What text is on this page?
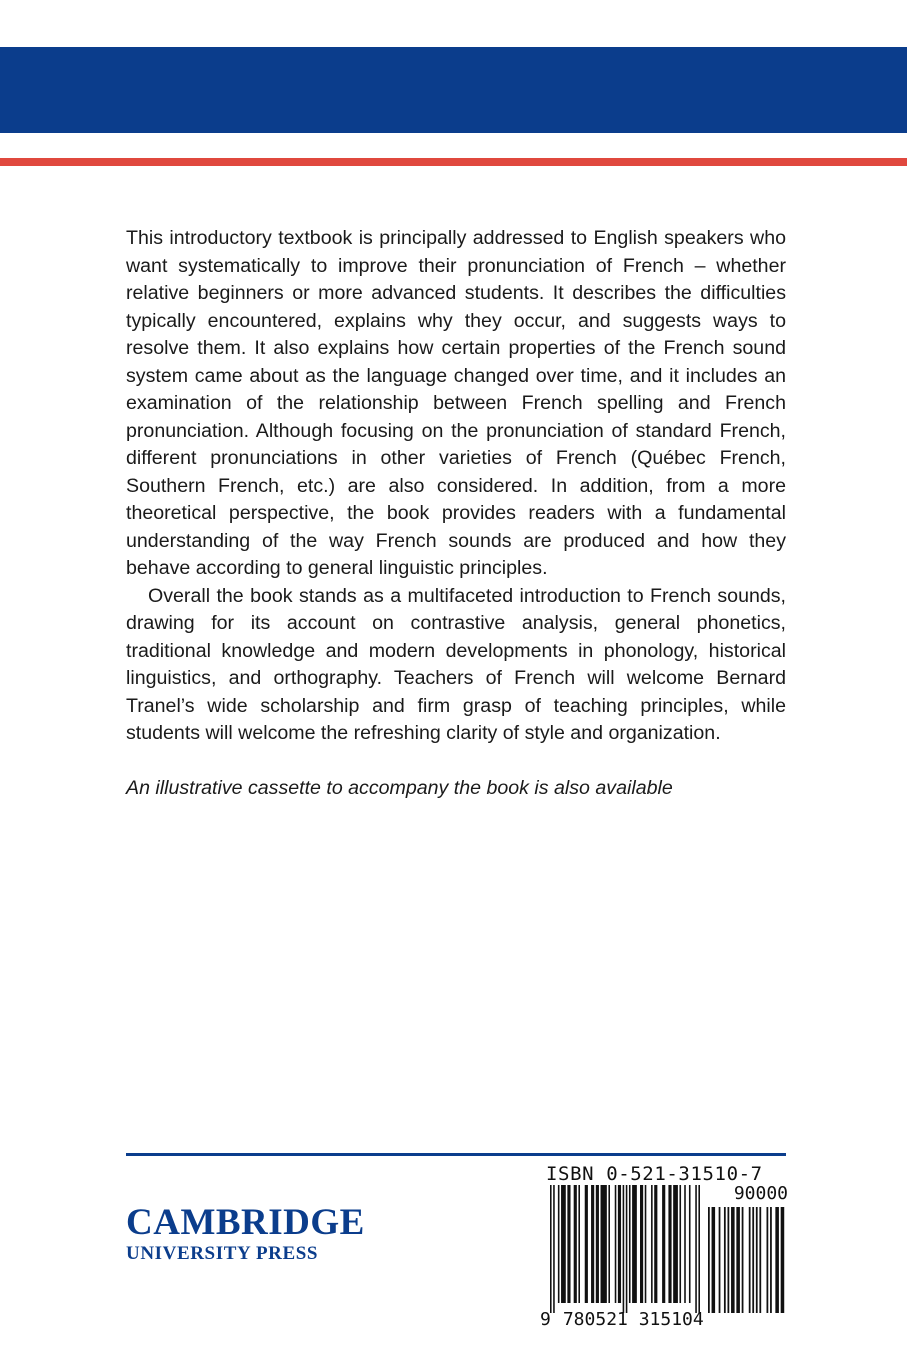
This introductory textbook is principally addressed to English speakers who want systematically to improve their pronunciation of French – whether relative beginners or more advanced students. It describes the difficulties typically encountered, explains why they occur, and suggests ways to resolve them. It also explains how certain properties of the French sound system came about as the language changed over time, and it includes an examination of the relationship between French spelling and French pronunciation. Although focusing on the pronunciation of standard French, different pronunciations in other varieties of French (Québec French, Southern French, etc.) are also considered. In addition, from a more theoretical perspective, the book provides readers with a fundamental understanding of the way French sounds are produced and how they behave according to general linguistic principles.

Overall the book stands as a multifaceted introduction to French sounds, drawing for its account on contrastive analysis, general phonetics, traditional knowledge and modern developments in phonology, historical linguistics, and orthography. Teachers of French will welcome Bernard Tranel’s wide scholarship and firm grasp of teaching principles, while students will welcome the refreshing clarity of style and organization.

An illustrative cassette to accompany the book is also available

CAMBRIDGE
UNIVERSITY PRESS
ISBN 0-521-31510-7
90000
9 780521 315104
